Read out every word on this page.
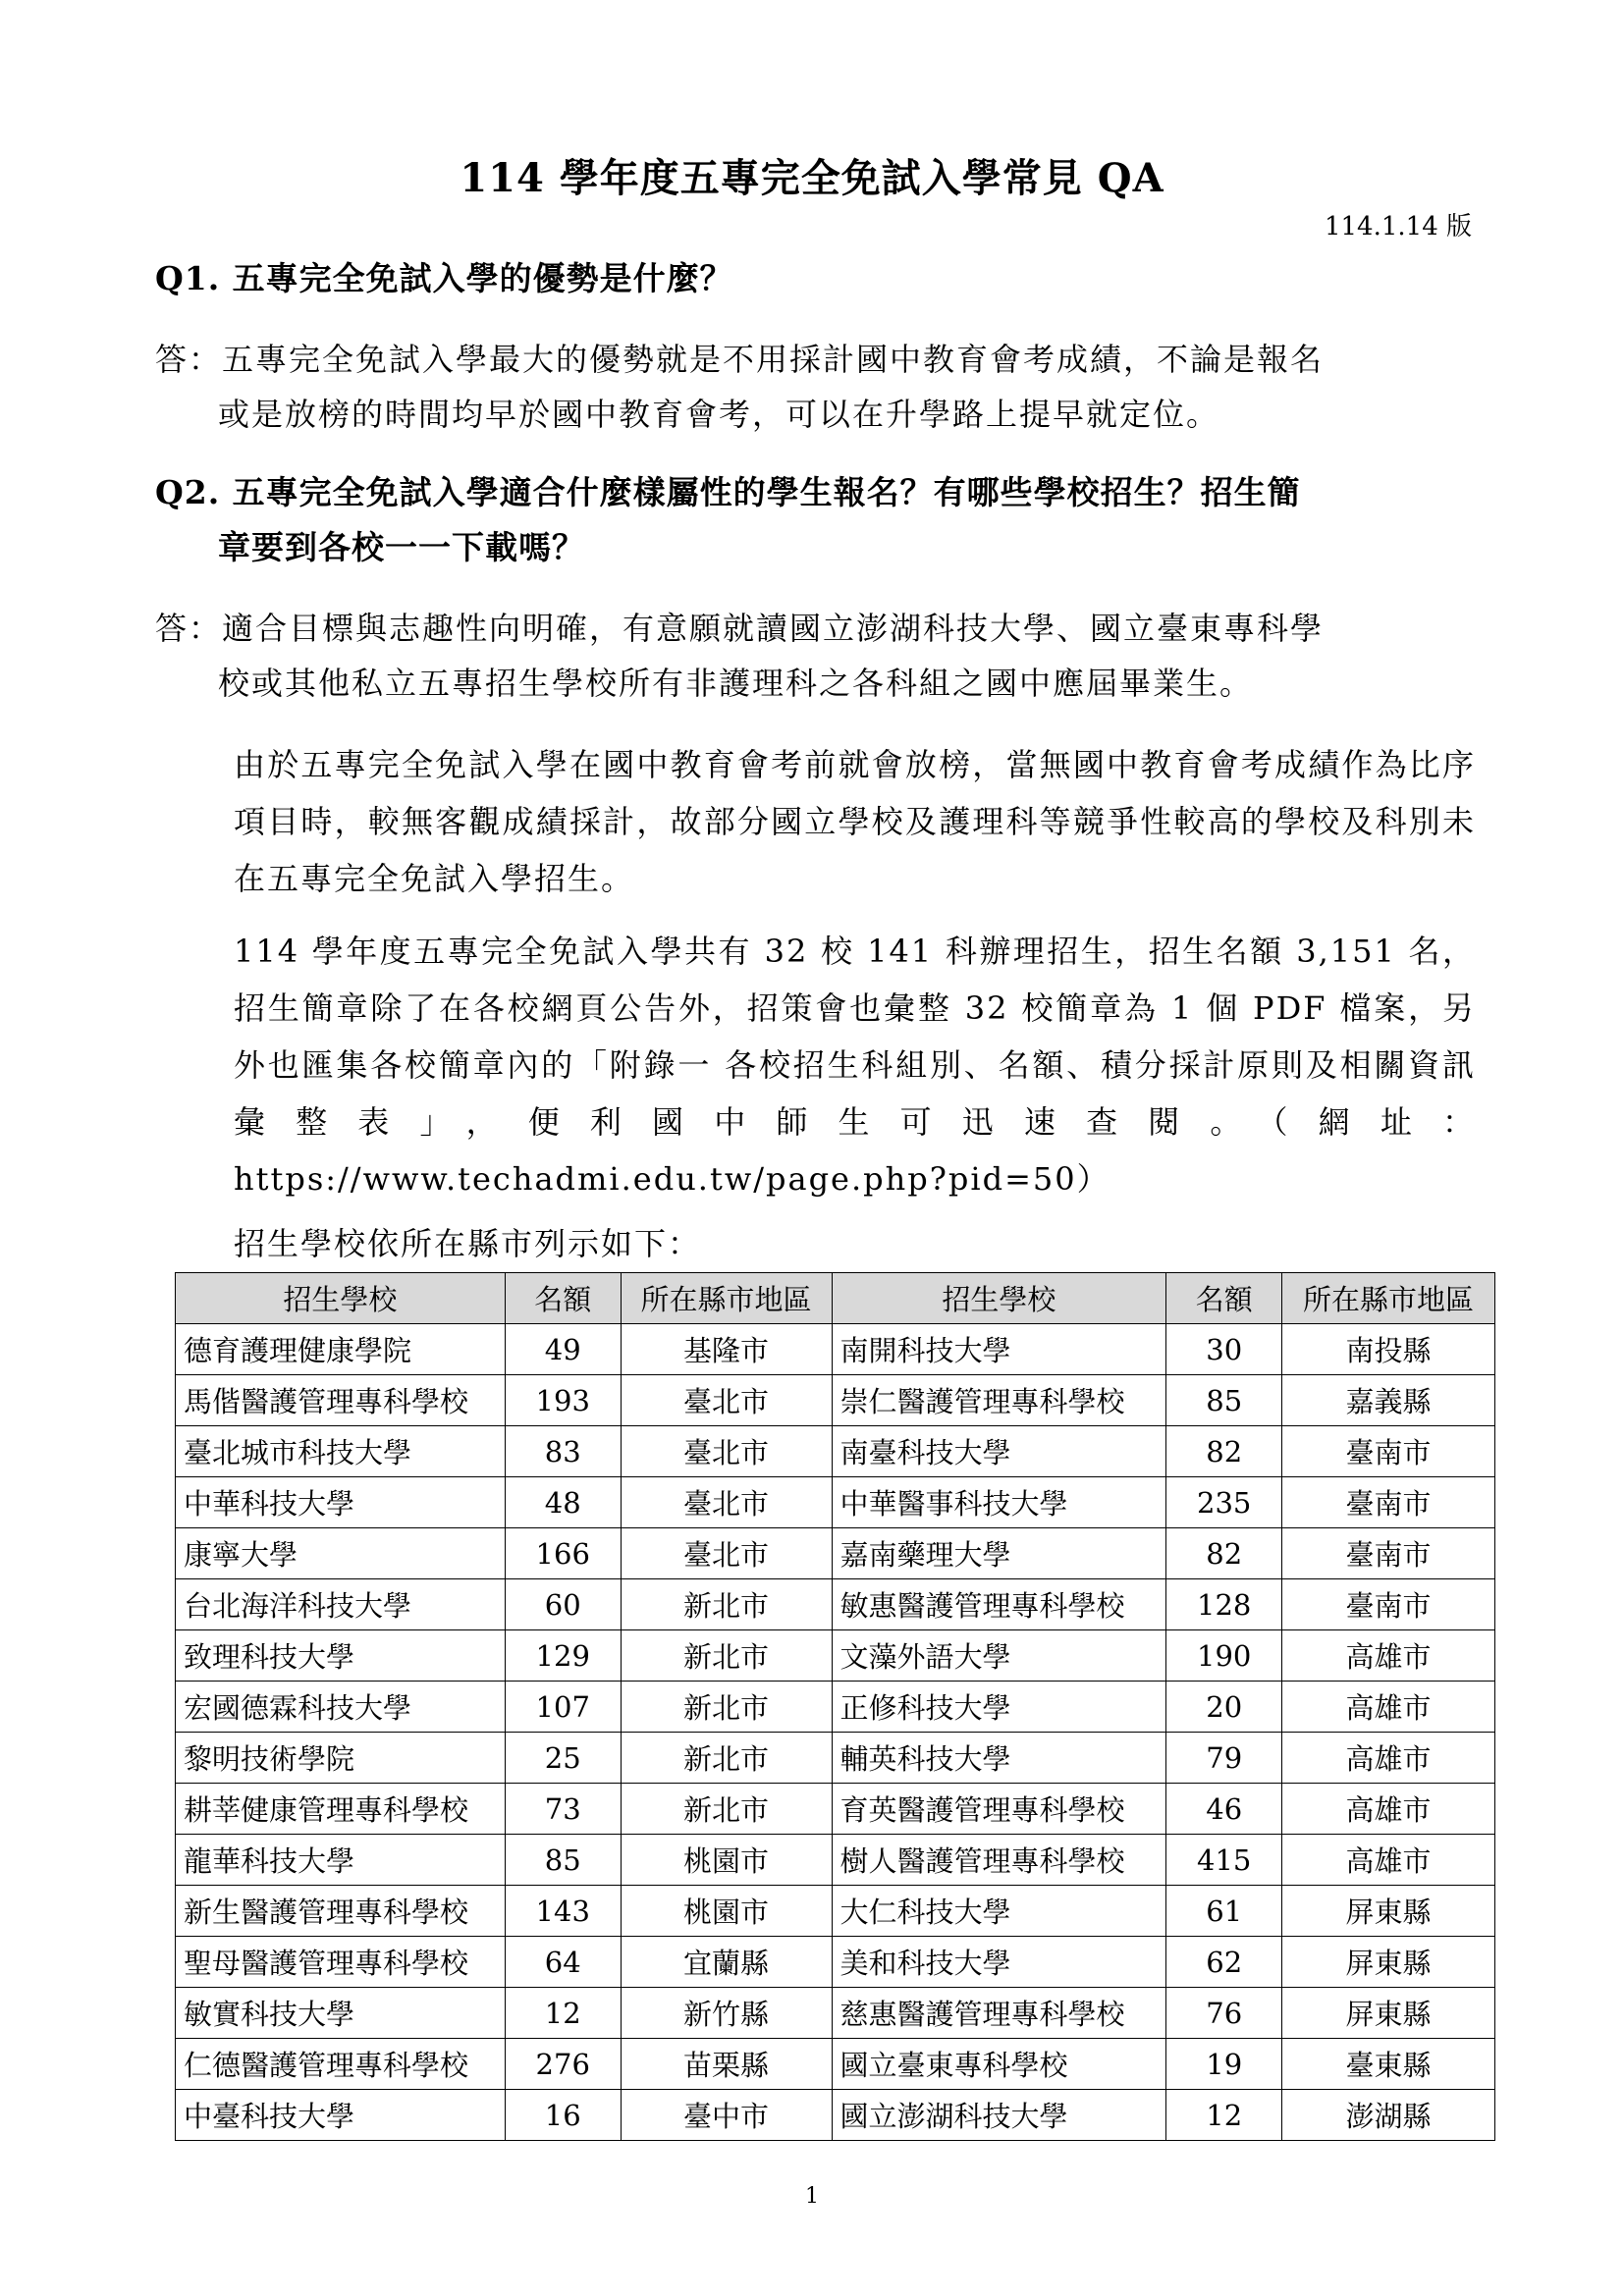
114 學年度五專完全免試入學常見 QA
114.1.14 版
Q1. 五專完全免試入學的優勢是什麼？
答：五專完全免試入學最大的優勢就是不用採計國中教育會考成績，不論是報名
或是放榜的時間均早於國中教育會考，可以在升學路上提早就定位。
Q2. 五專完全免試入學適合什麼樣屬性的學生報名？有哪些學校招生？招生簡
章要到各校一一下載嗎？
答：適合目標與志趣性向明確，有意願就讀國立澎湖科技大學、國立臺東專科學
校或其他私立五專招生學校所有非護理科之各科組之國中應屆畢業生。
由於五專完全免試入學在國中教育會考前就會放榜，當無國中教育會考成績作為比序項目時，較無客觀成績採計，故部分國立學校及護理科等競爭性較高的學校及科別未在五專完全免試入學招生。
114 學年度五專完全免試入學共有 32 校 141 科辦理招生，招生名額 3,151 名，招生簡章除了在各校網頁公告外，招策會也彙整 32 校簡章為 1 個 PDF 檔案，另外也匯集各校簡章內的「附錄一 各校招生科組別、名額、積分採計原則及相關資訊彙整表」，便利國中師生可迅速查閱。（網址：https://www.techadmi.edu.tw/page.php?pid=50）
招生學校依所在縣市列示如下：
招生學校	名額	所在縣市地區	招生學校	名額	所在縣市地區
德育護理健康學院	49	基隆市	南開科技大學	30	南投縣
馬偕醫護管理專科學校	193	臺北市	崇仁醫護管理專科學校	85	嘉義縣
臺北城市科技大學	83	臺北市	南臺科技大學	82	臺南市
中華科技大學	48	臺北市	中華醫事科技大學	235	臺南市
康寧大學	166	臺北市	嘉南藥理大學	82	臺南市
台北海洋科技大學	60	新北市	敏惠醫護管理專科學校	128	臺南市
致理科技大學	129	新北市	文藻外語大學	190	高雄市
宏國德霖科技大學	107	新北市	正修科技大學	20	高雄市
黎明技術學院	25	新北市	輔英科技大學	79	高雄市
耕莘健康管理專科學校	73	新北市	育英醫護管理專科學校	46	高雄市
龍華科技大學	85	桃園市	樹人醫護管理專科學校	415	高雄市
新生醫護管理專科學校	143	桃園市	大仁科技大學	61	屏東縣
聖母醫護管理專科學校	64	宜蘭縣	美和科技大學	62	屏東縣
敏實科技大學	12	新竹縣	慈惠醫護管理專科學校	76	屏東縣
仁德醫護管理專科學校	276	苗栗縣	國立臺東專科學校	19	臺東縣
中臺科技大學	16	臺中市	國立澎湖科技大學	12	澎湖縣
1
